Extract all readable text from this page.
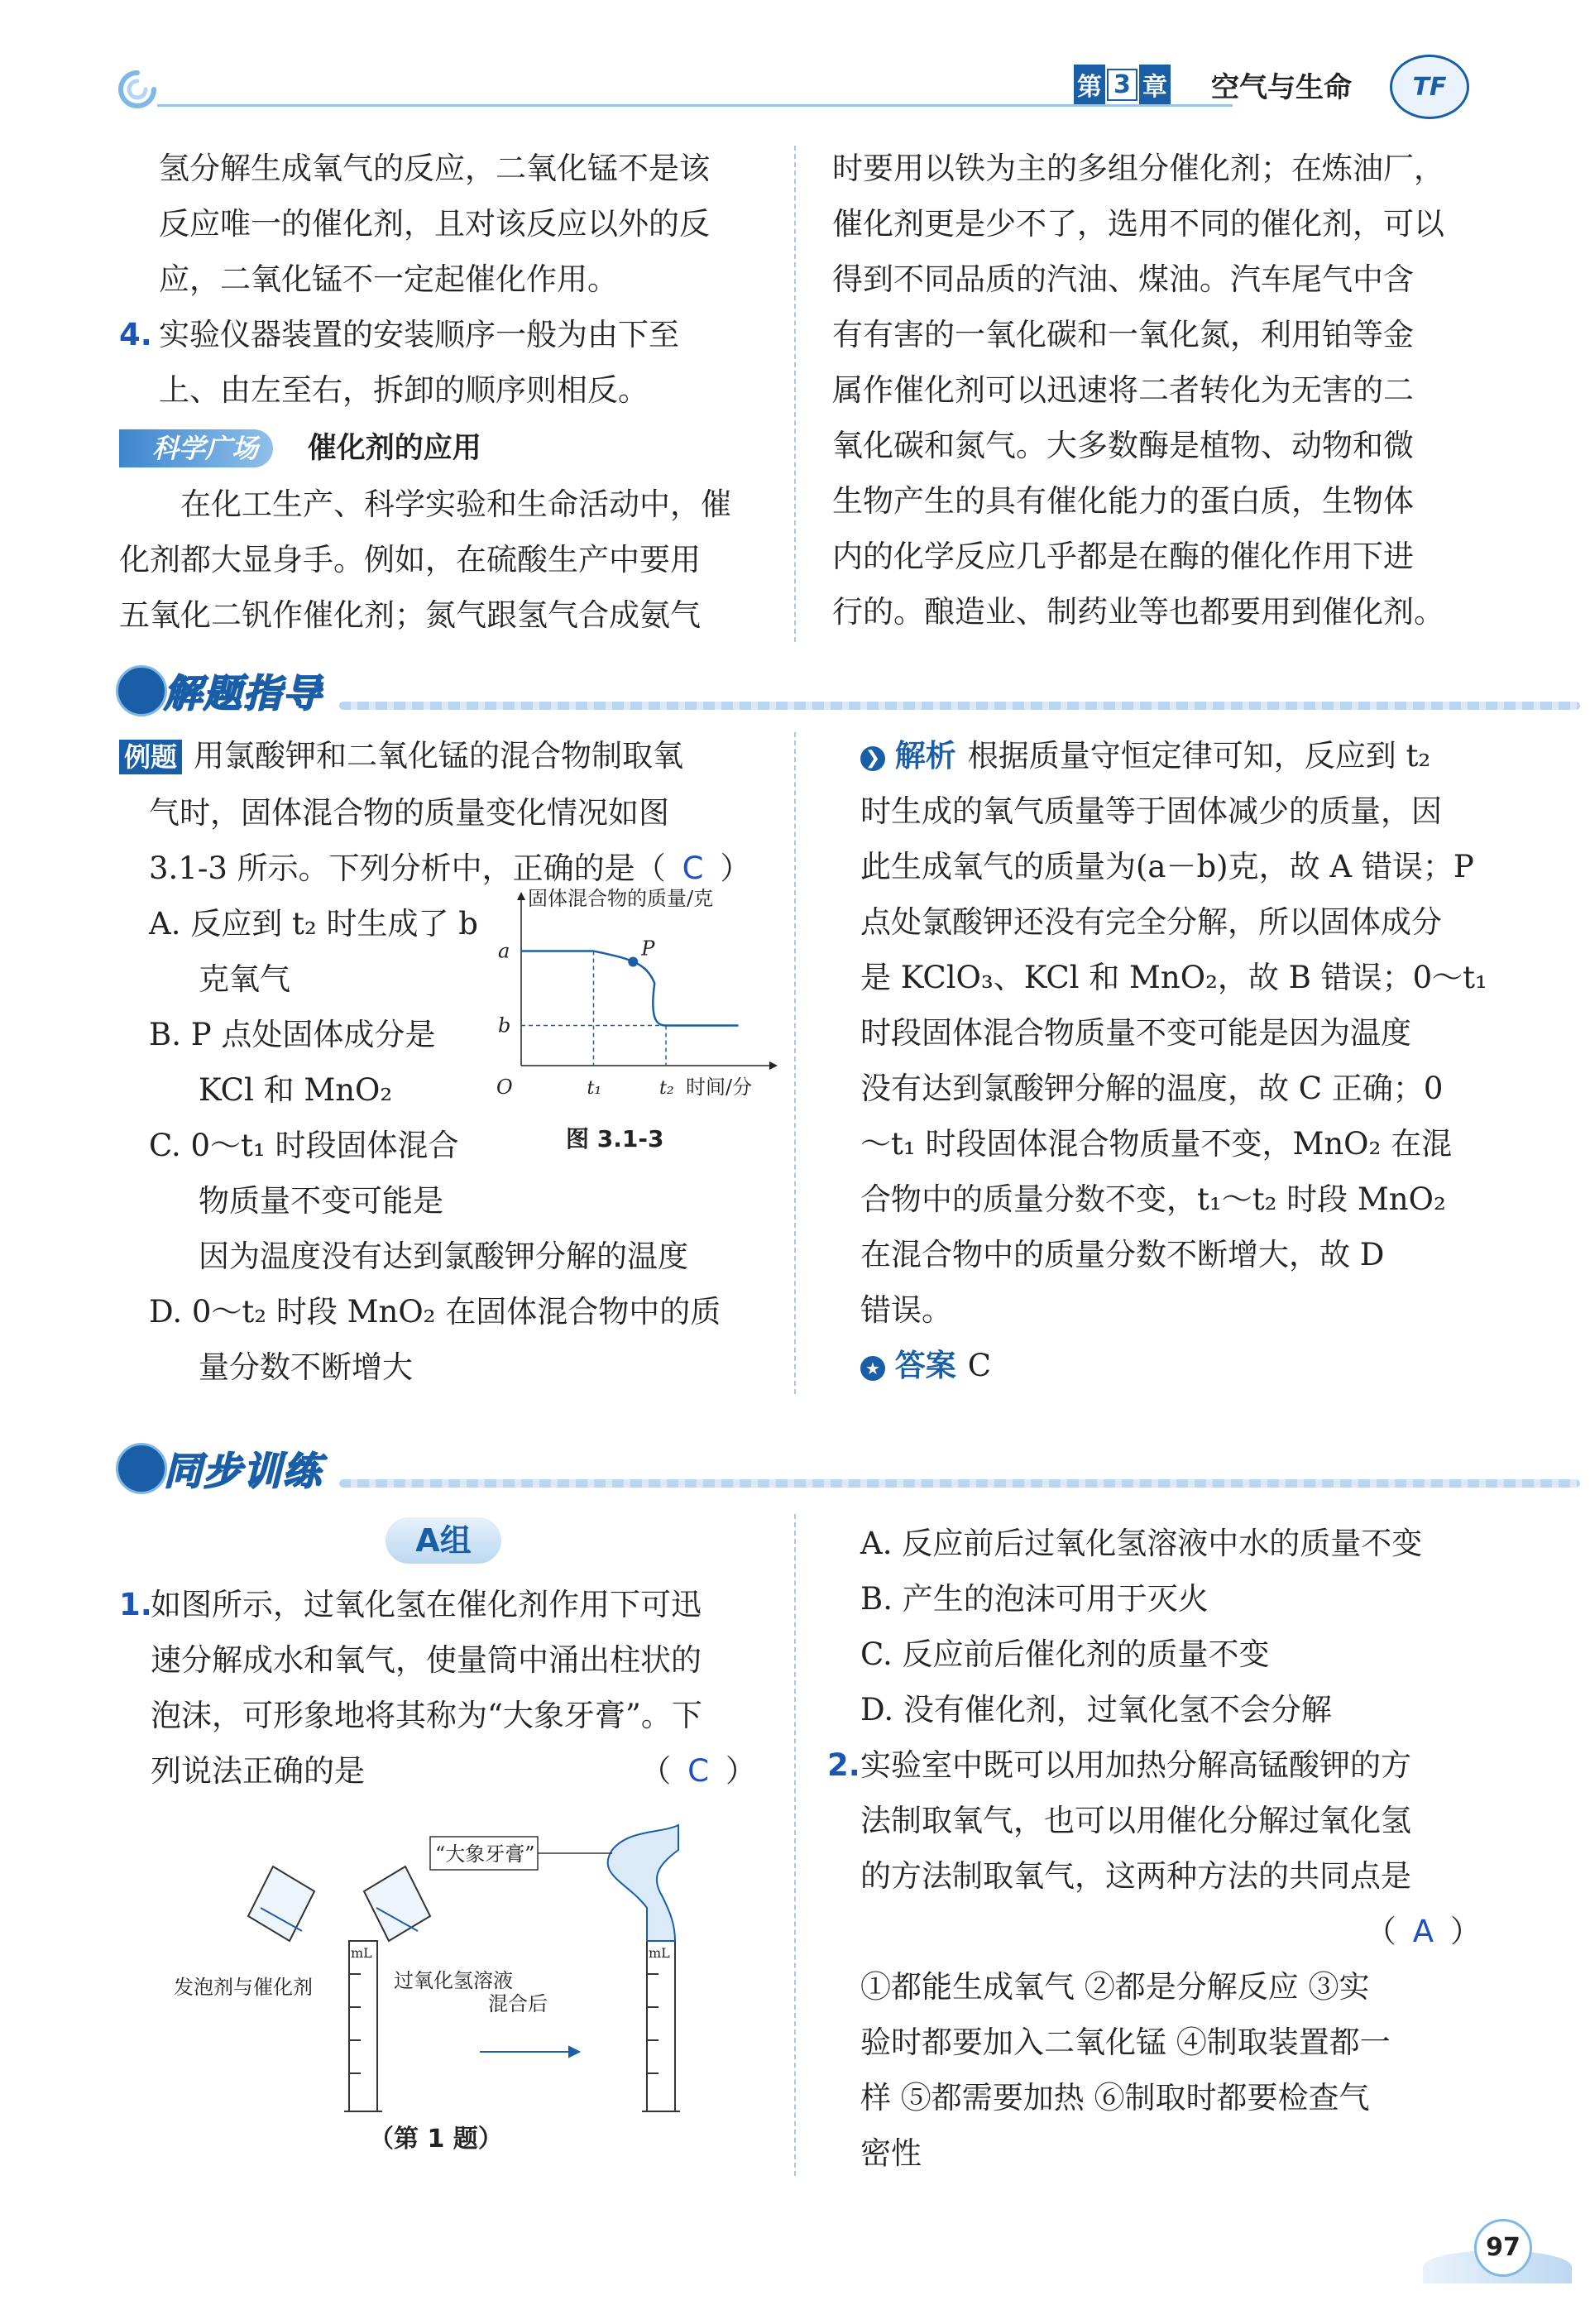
第 3 章 空气与生命 TF
氢分解生成氧气的反应，二氧化锰不是该
反应唯一的催化剂，且对该反应以外的反
应，二氧化锰不一定起催化作用。
4. 实验仪器装置的安装顺序一般为由下至
上、由左至右，拆卸的顺序则相反。
科学广场 催化剂的应用
在化工生产、科学实验和生命活动中，催
化剂都大显身手。例如，在硫酸生产中要用
五氧化二钒作催化剂；氮气跟氢气合成氨气
时要用以铁为主的多组分催化剂；在炼油厂，
催化剂更是少不了，选用不同的催化剂，可以
得到不同品质的汽油、煤油。汽车尾气中含
有有害的一氧化碳和一氧化氮，利用铂等金
属作催化剂可以迅速将二者转化为无害的二
氧化碳和氮气。大多数酶是植物、动物和微
生物产生的具有催化能力的蛋白质，生物体
内的化学反应几乎都是在酶的催化作用下进
行的。酿造业、制药业等也都要用到催化剂。
解题指导
例题 用氯酸钾和二氧化锰的混合物制取氧
气时，固体混合物的质量变化情况如图
3.1-3 所示。下列分析中，正确的是（ C ）
A. 反应到 t₂ 时生成了 b
克氧气
B. P 点处固体成分是
KCl 和 MnO₂
C. 0～t₁ 时段固体混合
物质量不变可能是
因为温度没有达到氯酸钾分解的温度
D. 0～t₂ 时段 MnO₂ 在固体混合物中的质
量分数不断增大
P
固体混合物的质量/克
a
b
O	t₁	t₂ 时间/分
图 3.1-3
❯ 解析 根据质量守恒定律可知，反应到 t₂
时生成的氧气质量等于固体减少的质量，因
此生成氧气的质量为(a－b)克，故 A 错误；P
点处氯酸钾还没有完全分解，所以固体成分
是 KClO₃、KCl 和 MnO₂，故 B 错误；0～t₁
时段固体混合物质量不变可能是因为温度
没有达到氯酸钾分解的温度，故 C 正确；0
～t₁ 时段固体混合物质量不变，MnO₂ 在混
合物中的质量分数不变，t₁～t₂ 时段 MnO₂
在混合物中的质量分数不断增大，故 D
错误。
★ 答案 C
同步训练
A组
1.如图所示，过氧化氢在催化剂作用下可迅
速分解成水和氧气，使量筒中涌出柱状的
泡沫，可形象地将其称为“大象牙膏”。下
列说法正确的是	（ C ）
“大象牙膏”
发泡剂与催化剂	过氧化氢溶液
混合后
mL	mL
（第 1 题）
A. 反应前后过氧化氢溶液中水的质量不变
B. 产生的泡沫可用于灭火
C. 反应前后催化剂的质量不变
D. 没有催化剂，过氧化氢不会分解
2.实验室中既可以用加热分解高锰酸钾的方
法制取氧气，也可以用催化分解过氧化氢
的方法制取氧气，这两种方法的共同点是
（ A ）
①都能生成氧气 ②都是分解反应 ③实
验时都要加入二氧化锰 ④制取装置都一
样 ⑤都需要加热 ⑥制取时都要检查气
密性
97
